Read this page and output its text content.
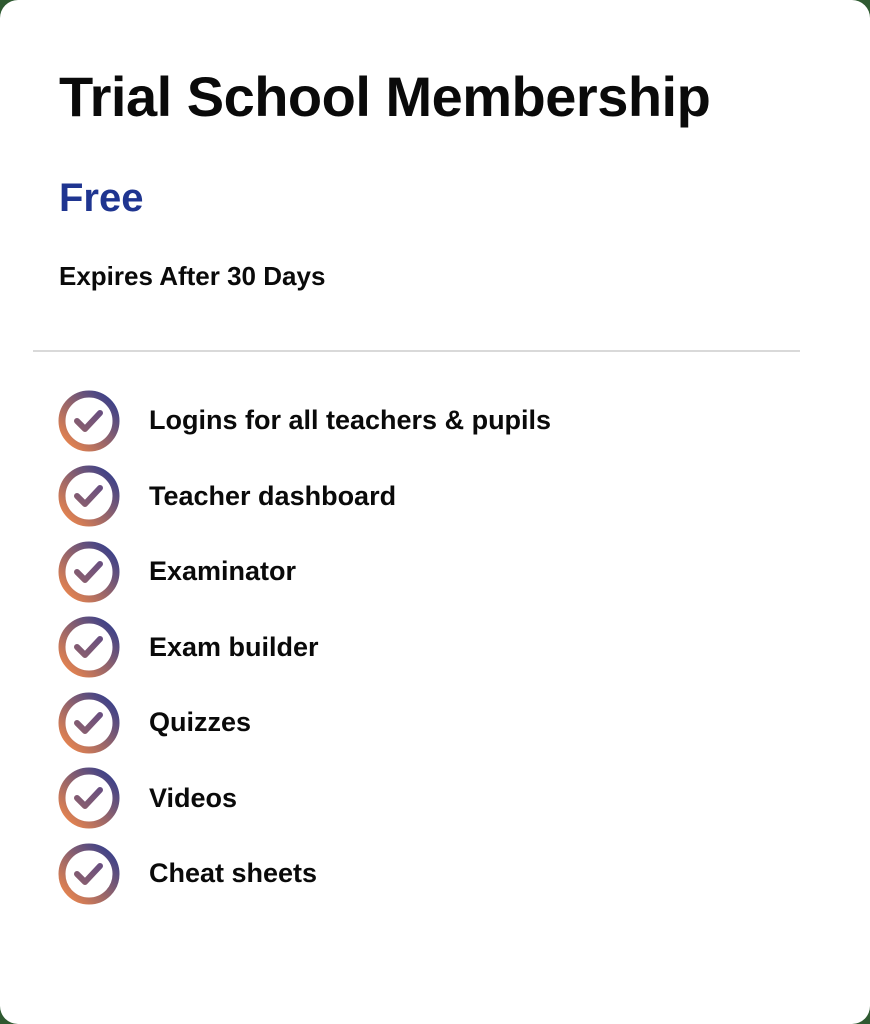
Trial School Membership
Free
Expires After 30 Days
Logins for all teachers & pupils
Teacher dashboard
Examinator
Exam builder
Quizzes
Videos
Cheat sheets
